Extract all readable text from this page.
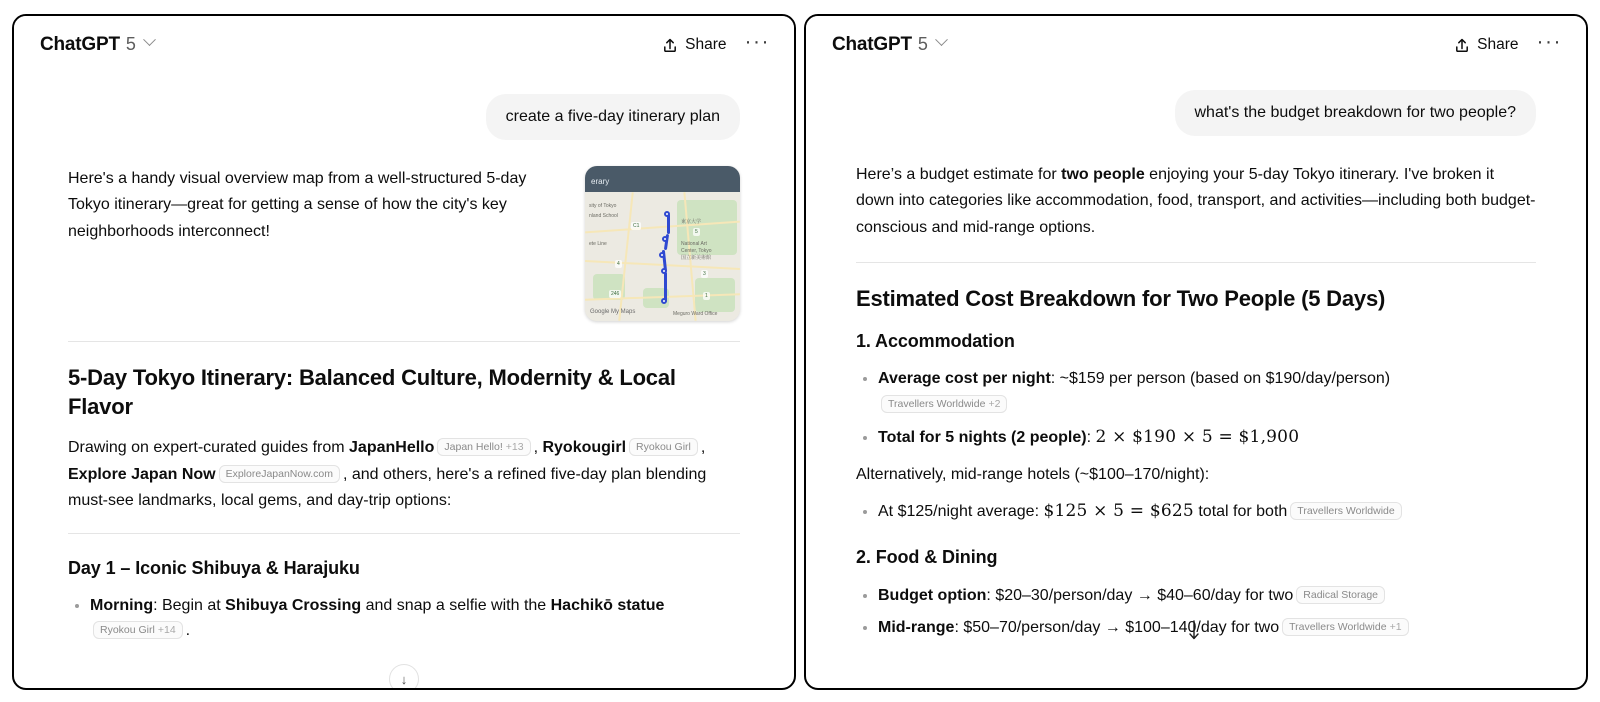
ChatGPT 5	Share ···
create a five-day itinerary plan

Here's a handy visual overview map from a well-structured 5-day Tokyo itinerary—great for getting a sense of how the city's key neighborhoods interconnect!

erary
sity of Tokyo
nland School
ete Line
東京大学
National Art
Center, Tokyo
国立新美術館
Meguro Ward Office
C1
5
4
3
246	1
Google My Maps
5-Day Tokyo Itinerary: Balanced Culture, Modernity & Local Flavor

Drawing on expert-curated guides from JapanHello Japan Hello! +13 , Ryokougirl Ryokou Girl , Explore Japan Now ExploreJapanNow.com , and others, here's a refined five-day plan blending must-see landmarks, local gems, and day-trip options:

Day 1 – Iconic Shibuya & Harajuku
• Morning: Begin at Shibuya Crossing and snap a selfie with the Hachikō statueRyokou Girl +14 .
↓
ChatGPT 5	Share ···
what's the budget breakdown for two people?

Here’s a budget estimate for two people enjoying your 5-day Tokyo itinerary. I've broken it down into categories like accommodation, food, transport, and activities—including both budget-conscious and mid-range options.

Estimated Cost Breakdown for Two People (5 Days)
1. Accommodation
• Average cost per night: ~$159 per person (based on $190/day/person)
Travellers Worldwide +2
• Total for 5 nights (2 people): 2 × $190 × 5 = $1,900

Alternatively, mid-range hotels (~$100–170/night):

• At $125/night average: $125 × 5 = $625 total for both Travellers Worldwide
2. Food & Dining
• Budget option: $20–30/person/day → $40–60/day for two Radical Storage
• Mid-range: $50–70/person/day → $100–140/day for two Travellers Worldwide +1
